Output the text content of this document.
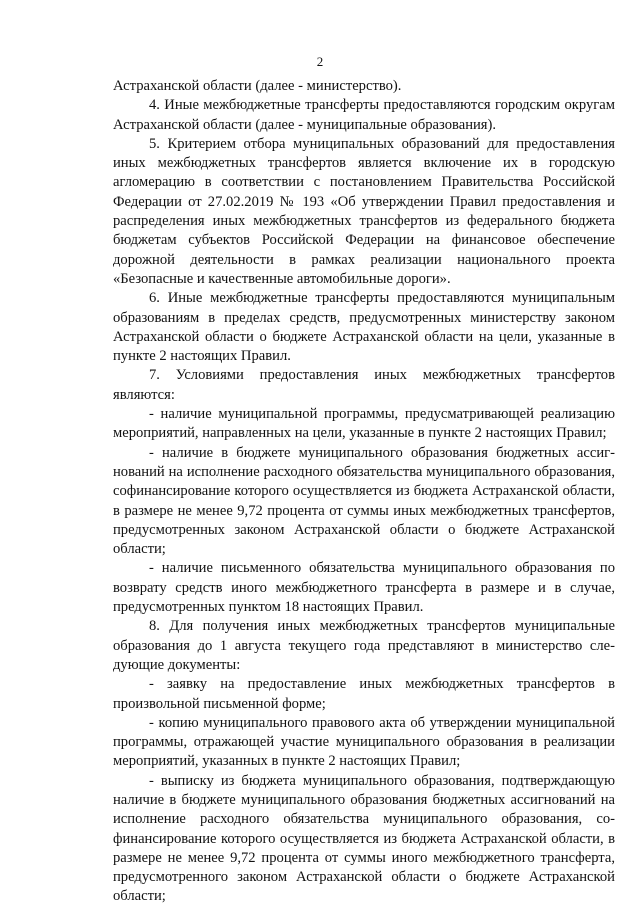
2

Астраханской области (далее - министерство).

4. Иные межбюджетные трансферты предоставляются городским округам Астраханской области (далее - муниципальные образования).

5. Критерием отбора муниципальных образований для предоставления иных межбюджетных трансфертов является включение их в городскую агломерацию в соответствии с постановлением Правительства Российской Федерации от 27.02.2019 № 193 «Об утверждении Правил предоставления и распределения иных межбюджетных трансфертов из федерального бюджета бюджетам субъектов Российской Федерации на финансовое обеспечение дорожной деятельности в рамках реализации национального проекта «Безопасные и качественные автомобильные дороги».

6. Иные межбюджетные трансферты предоставляются муниципальным образованиям в пределах средств, предусмотренных министерству законом Астраханской области о бюджете Астраханской области на цели, указанные в пункте 2 настоящих Правил.

7. Условиями предоставления иных межбюджетных трансфертов являются:

- наличие муниципальной программы, предусматривающей реализацию мероприятий, направленных на цели, указанные в пункте 2 настоящих Правил;

- наличие в бюджете муниципального образования бюджетных ассигнований на исполнение расходного обязательства муниципального образования, софинансирование которого осуществляется из бюджета Астраханской области, в размере не менее 9,72 процента от суммы иных межбюджетных трансфертов, предусмотренных законом Астраханской области о бюджете Астраханской области;

- наличие письменного обязательства муниципального образования по возврату средств иного межбюджетного трансферта в размере и в случае, предусмотренных пунктом 18 настоящих Правил.

8. Для получения иных межбюджетных трансфертов муниципальные образования до 1 августа текущего года представляют в министерство следующие документы:

- заявку на предоставление иных межбюджетных трансфертов в произвольной письменной форме;

- копию муниципального правового акта об утверждении муниципальной программы, отражающей участие муниципального образования в реализации мероприятий, указанных в пункте 2 настоящих Правил;

- выписку из бюджета муниципального образования, подтверждающую наличие в бюджете муниципального образования бюджетных ассигнований на исполнение расходного обязательства муниципального образования, софинансирование которого осуществляется из бюджета Астраханской области, в размере не менее 9,72 процента от суммы иного межбюджетного трансферта, предусмотренного законом Астраханской области о бюджете Астраханской области;
